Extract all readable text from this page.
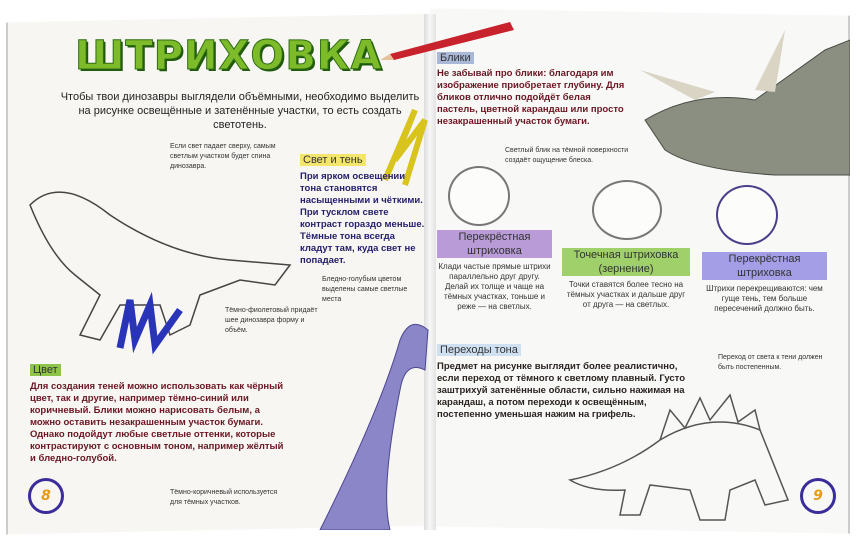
ШТРИХОВКА
Чтобы твои динозавры выглядели объёмными, необходимо выделить на рисунке освещённые и затенённые участки, то есть создать светотень.
Если свет падает сверху, самым светлым участком будет спина динозавра.
Свет и тень
При ярком освещении тона становятся насыщенными и чёткими. При тусклом свете контраст гораздо меньше. Тёмные тона всегда кладут там, куда свет не попадает.
Бледно-голубым цветом выделены самые светлые места
Тёмно-фиолетовый придаёт шее динозавра форму и объём.
Цвет
Для создания теней можно использовать как чёрный цвет, так и другие, например тёмно-синий или коричневый. Блики можно нарисовать белым, а можно оставить незакрашенным участок бумаги. Однако подойдут любые светлые оттенки, которые контрастируют с основным тоном, например жёлтый и бледно-голубой.
8	Тёмно-коричневый используется для тёмных участков.
Блики
Не забывай про блики: благодаря им изображение приобретает глубину. Для бликов отлично подойдёт белая пастель, цветной карандаш или просто незакрашенный участок бумаги.
Светлый блик на тёмной поверхности создаёт ощущение блеска.
Перекрёстная штриховка
Клади частые прямые штрихи параллельно друг другу. Делай их толще и чаще на тёмных участках, тоньше и реже — на светлых.
Точечная штриховка (зернение)
Точки ставятся более тесно на тёмных участках и дальше друг от друга — на светлых.
Перекрёстная штриховка
Штрихи перекрещиваются: чем гуще тень, тем больше пересечений должно быть.
Переходы тона
Предмет на рисунке выглядит более реалистично, если переход от тёмного к светлому плавный. Густо заштрихуй затенённые области, сильно нажимая на карандаш, а потом переходи к освещённым, постепенно уменьшая нажим на грифель.
Переход от света к тени должен быть постепенным.
9
